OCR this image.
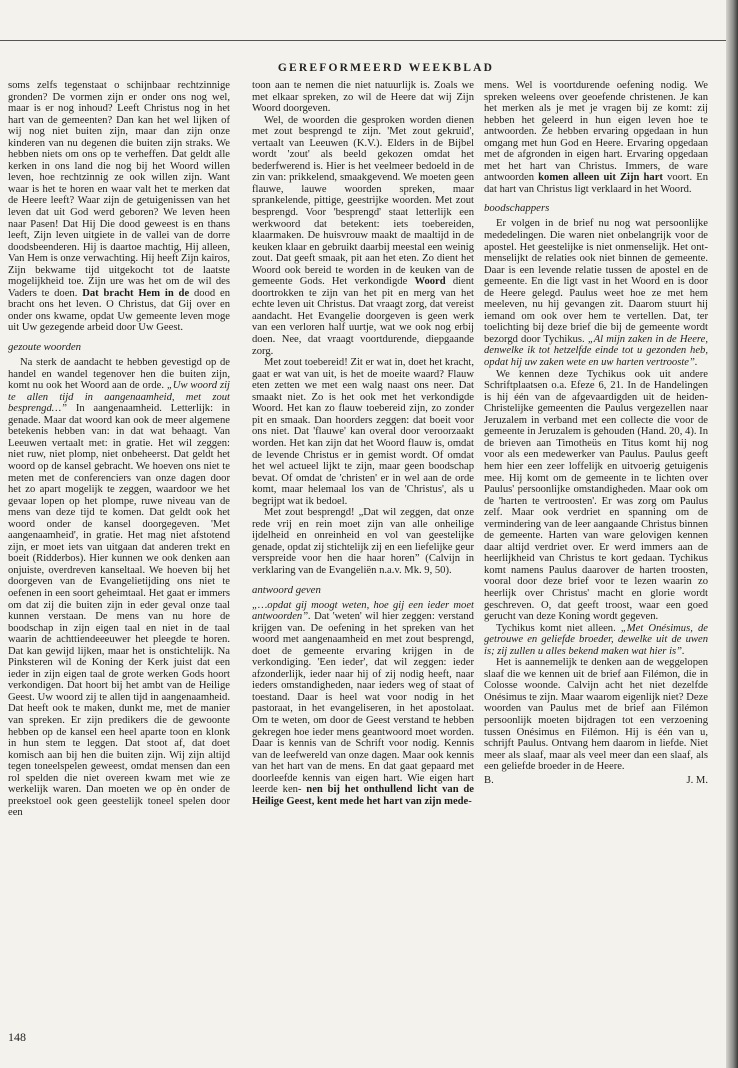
GEREFORMEERD WEEKBLAD

soms zelfs tegenstaat o schijnbaar rechtzinnige gronden? De vormen zijn er onder ons nog wel, maar is er nog inhoud? Leeft Christus nog in het hart van de gemeenten? Dan kan het wel lijken of wij nog niet buiten zijn, maar dan zijn onze kinderen van nu degenen die buiten zijn straks. We hebben niets om ons op te verheffen. Dat geldt alle kerken in ons land die nog bij het Woord willen leven, hoe rechtzinnig ze ook willen zijn. Want waar is het te horen en waar valt het te merken dat de Heere leeft? Waar zijn de getuigenissen van het leven dat uit God werd geboren? We leven heen naar Pasen! Dat Hij Die dood geweest is en thans leeft, Zijn leven uitgiete in de vallei van de dorre doodsbeenderen. Hij is daartoe machtig, Hij alleen, Van Hem is onze verwachting. Hij heeft Zijn kairos, Zijn bekwame tijd uitgekocht tot de laatste mogelijkheid toe. Zijn ure was het om de wil des Vaders te doen. Dat bracht Hem in de dood en bracht ons het leven. O Christus, dat Gij over en onder ons kwame, opdat Uw gemeente leven moge uit Uw gezegende arbeid door Uw Geest.

gezoute woorden

Na sterk de aandacht te hebben gevestigd op de handel en wandel tegenover hen die buiten zijn, komt nu ook het Woord aan de orde. „Uw woord zij te allen tijd in aangenaamheid, met zout besprengd…” In aangenaamheid. Letterlijk: in genade. Maar dat woord kan ook de meer algemene betekenis hebben van: in dat wat behaagt. Van Leeuwen vertaalt met: in gratie. Het wil zeggen: niet ruw, niet plomp, niet onbeheerst. Dat geldt het woord op de kansel gebracht. We hoeven ons niet te meten met de conferenciers van onze dagen door het zo apart mogelijk te zeggen, waardoor we het gevaar lopen op het plompe, ruwe niveau van de mens van deze tijd te komen. Dat geldt ook het woord onder de kansel doorgegeven. 'Met aangenaamheid', in gratie. Het mag niet afstotend zijn, er moet iets van uitgaan dat anderen trekt en boeit (Ridderbos). Hier kunnen we ook denken aan onjuiste, overdreven kanseltaal. We hoeven bij het doorgeven van de Evangelietijding ons niet te oefenen in een soort geheimtaal. Het gaat er immers om dat zij die buiten zijn in eder geval onze taal kunnen verstaan. De mens van nu hore de boodschap in zijn eigen taal en niet in de taal waarin de achttiendeeeuwer het pleegde te horen. Dat kan gewijd lijken, maar het is onstichtelijk. Na Pinksteren wil de Koning der Kerk juist dat een ieder in zijn eigen taal de grote werken Gods hoort verkondigen. Dat hoort bij het ambt van de Heilige Geest. Uw woord zij te allen tijd in aangenaamheid. Dat heeft ook te maken, dunkt me, met de manier van spreken. Er zijn predikers die de gewoonte hebben op de kansel een heel aparte toon en klonk in hun stem te leggen. Dat stoot af, dat doet komisch aan bij hen die buiten zijn. Wij zijn altijd tegen toneelspelen geweest, omdat mensen dan een rol spelden die niet overeen kwam met wie ze werkelijk waren. Dan moeten we op èn onder de preekstoel ook geen geestelijk toneel spelen door een

toon aan te nemen die niet natuurlijk is. Zoals we met elkaar spreken, zo wil de Heere dat wij Zijn Woord doorgeven.

Wel, de woorden die gesproken worden dienen met zout besprengd te zijn. 'Met zout gekruid', vertaalt van Leeuwen (K.V.). Elders in de Bijbel wordt 'zout' als beeld gekozen omdat het bederfwerend is. Hier is het veelmeer bedoeld in de zin van: prikkelend, smaakgevend. We moeten geen flauwe, lauwe woorden spreken, maar sprankelende, pittige, geestrijke woorden. Met zout besprengd. Voor 'besprengd' staat letterlijk een werkwoord dat betekent: iets toebereiden, klaarmaken. De huisvrouw maakt de maaltijd in de keuken klaar en gebruikt daarbij meestal een weinig zout. Dat geeft smaak, pit aan het eten. Zo dient het Woord ook bereid te worden in de keuken van de gemeente Gods. Het verkondigde Woord dient doortrokken te zijn van het pit en merg van het echte leven uit Christus. Dat vraagt zorg, dat vereist aandacht. Het Evangelie doorgeven is geen werk van een verloren half uurtje, wat we ook nog erbij doen. Nee, dat vraagt voortdurende, diepgaande zorg.

Met zout toebereid! Zit er wat in, doet het kracht, gaat er wat van uit, is het de moeite waard? Flauw eten zetten we met een walg naast ons neer. Dat smaakt niet. Zo is het ook met het verkondigde Woord. Het kan zo flauw toebereid zijn, zo zonder pit en smaak. Dan hoorders zeggen: dat boeit voor ons niet. Dat 'flauwe' kan overal door veroorzaakt worden. Het kan zijn dat het Woord flauw is, omdat de levende Christus er in gemist wordt. Of omdat het wel actueel lijkt te zijn, maar geen boodschap bevat. Of omdat de 'christen' er in wel aan de orde komt, maar helemaal los van de 'Christus', als u begrijpt wat ik bedoel.

Met zout besprengd! „Dat wil zeggen, dat onze rede vrij en rein moet zijn van alle onheilige ijdelheid en onreinheid en vol van geestelijke genade, opdat zij stichtelijk zij en een liefelijke geur verspreide voor hen die haar horen” (Calvijn in verklaring van de Evangeliën n.a.v. Mk. 9, 50).

antwoord geven

„…opdat gij moogt weten, hoe gij een ieder moet antwoorden”. Dat 'weten' wil hier zeggen: verstand krijgen van. De oefening in het spreken van het woord met aangenaamheid en met zout besprengd, doet de gemeente ervaring krijgen in de verkondiging. 'Een ieder', dat wil zeggen: ieder afzonderlijk, ieder naar hij of zij nodig heeft, naar ieders omstandigheden, naar ieders weg of staat of toestand. Daar is heel wat voor nodig in het pastoraat, in het evangeliseren, in het apostolaat. Om te weten, om door de Geest verstand te hebben gekregen hoe ieder mens geantwoord moet worden. Daar is kennis van de Schrift voor nodig. Kennis van de leefwereld van onze dagen. Maar ook kennis van het hart van de mens. En dat gaat gepaard met doorleefde kennis van eigen hart. Wie eigen hart leerde ken- nen bij het onthullend licht van de Heilige Geest, kent mede het hart van zijn mede-

mens. Wel is voortdurende oefening nodig. We spreken weleens over geoefende christenen. Je kan het merken als je met je vragen bij ze komt: zij hebben het geleerd in hun eigen leven hoe te antwoorden. Ze hebben ervaring opgedaan in hun omgang met hun God en Heere. Ervaring opgedaan met de afgronden in eigen hart. Ervaring opgedaan met het hart van Christus. Immers, de ware antwoorden komen alleen uit Zijn hart voort. En dat hart van Christus ligt verklaard in het Woord.

boodschappers

Er volgen in de brief nu nog wat persoonlijke mededelingen. Die waren niet onbelangrijk voor de apostel. Het geestelijke is niet onmenselijk. Het ont-menselijkt de relaties ook niet binnen de gemeente. Daar is een levende relatie tussen de apostel en de gemeente. En die ligt vast in het Woord en is door de Heere gelegd. Paulus weet hoe ze met hem meeleven, nu hij gevangen zit. Daarom stuurt hij iemand om ook over hem te vertellen. Dat, ter toelichting bij deze brief die bij de gemeente wordt bezorgd door Tychikus. „Al mijn zaken in de Heere, denwelke ik tot hetzelfde einde tot u gezonden heb, opdat hij uw zaken wete en uw harten vertrooste”.

We kennen deze Tychikus ook uit andere Schriftplaatsen o.a. Efeze 6, 21. In de Handelingen is hij één van de afgevaardigden uit de heiden-Christelijke gemeenten die Paulus vergezellen naar Jeruzalem in verband met een collecte die voor de gemeente in Jeruzalem is gehouden (Hand. 20, 4). In de brieven aan Timotheüs en Titus komt hij nog voor als een medewerker van Paulus. Paulus geeft hem hier een zeer loffelijk en uitvoerig getuigenis mee. Hij komt om de gemeente in te lichten over Paulus' persoonlijke omstandigheden. Maar ook om de 'harten te vertroosten'. Er was zorg om Paulus zelf. Maar ook verdriet en spanning om de vermindering van de leer aangaande Christus binnen de gemeente. Harten van ware gelovigen kennen daar altijd verdriet over. Er werd immers aan de heerlijkheid van Christus te kort gedaan. Tychikus komt namens Paulus daarover de harten troosten, vooral door deze brief voor te lezen waarin zo heerlijk over Christus' macht en glorie wordt geschreven. O, dat geeft troost, waar een goed gerucht van deze Koning wordt gegeven.

Tychikus komt niet alleen. „Met Onésimus, de getrouwe en geliefde broeder, dewelke uit de uwen is; zij zullen u alles bekend maken wat hier is”.

Het is aannemelijk te denken aan de weggelopen slaaf die we kennen uit de brief aan Filémon, die in Colosse woonde. Calvijn acht het niet dezelfde Onésimus te zijn. Maar waarom eigenlijk niet? Deze woorden van Paulus met de brief aan Filémon persoonlijk moeten bijdragen tot een verzoening tussen Onésimus en Filémon. Hij is één van u, schrijft Paulus. Ontvang hem daarom in liefde. Niet meer als slaaf, maar als veel meer dan een slaaf, als een geliefde broeder in de Heere.

B.	J. M.
148
